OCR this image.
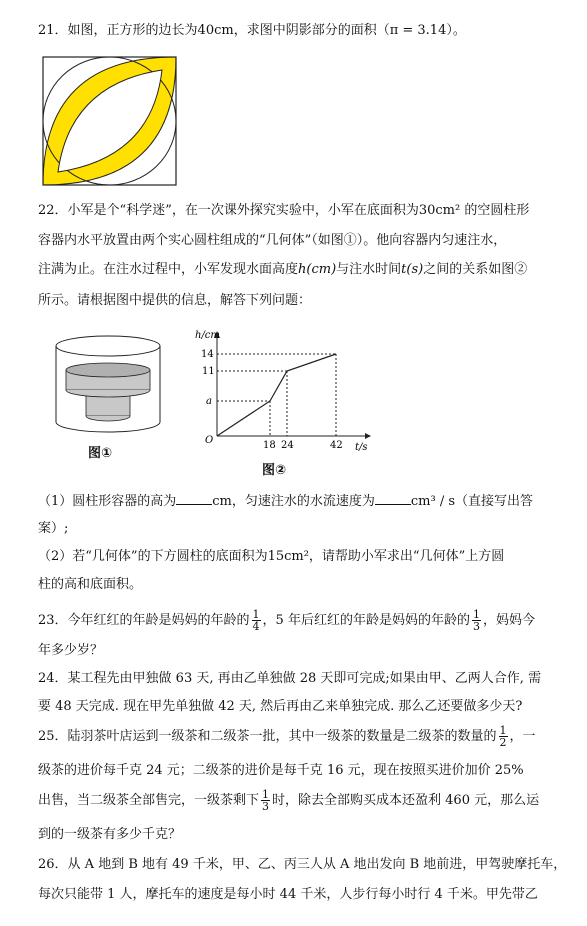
21．如图，正方形的边长为40cm，求图中阴影部分的面积（π = 3.14）。
22．小军是个“科学迷”，在一次课外探究实验中，小军在底面积为30cm² 的空圆柱形
容器内水平放置由两个实心圆柱组成的“几何体”（如图①）。他向容器内匀速注水，
注满为止。在注水过程中，小军发现水面高度h(cm)与注水时间t(s)之间的关系如图②
所示。请根据图中提供的信息，解答下列问题：
图①
h/cm
t/s
O
14
11
a
18 24	42
图②
（1）圆柱形容器的高为	cm，匀速注水的水流速度为	cm³ / s（直接写出答
案）;
（2）若“几何体”的下方圆柱的底面积为15cm²，请帮助小军求出“几何体”上方圆
柱的高和底面积。
23．今年红红的年龄是妈妈的年龄的 $\frac{1}{4}$ ，5 年后红红的年龄是妈妈的年龄的 $\frac{1}{3}$ ，妈妈今
年多少岁？
24．某工程先由甲独做 63 天, 再由乙单独做 28 天即可完成;如果由甲、乙两人合作, 需
要 48 天完成. 现在甲先单独做 42 天, 然后再由乙来单独完成. 那么乙还要做多少天?
25．陆羽茶叶店运到一级茶和二级茶一批，其中一级茶的数量是二级茶的数量的 $\frac{1}{2}$ ，一
级茶的进价每千克 24 元；二级茶的进价是每千克 16 元，现在按照买进价加价 25%
出售，当二级茶全部售完，一级茶剩下 $\frac{1}{3}$ 时，除去全部购买成本还盈利 460 元，那么运
到的一级茶有多少千克？
26．从 A 地到 B 地有 49 千米，甲、乙、丙三人从 A 地出发向 B 地前进，甲驾驶摩托车，
每次只能带 1 人，摩托车的速度是每小时 44 千米，人步行每小时行 4 千米。甲先带乙
